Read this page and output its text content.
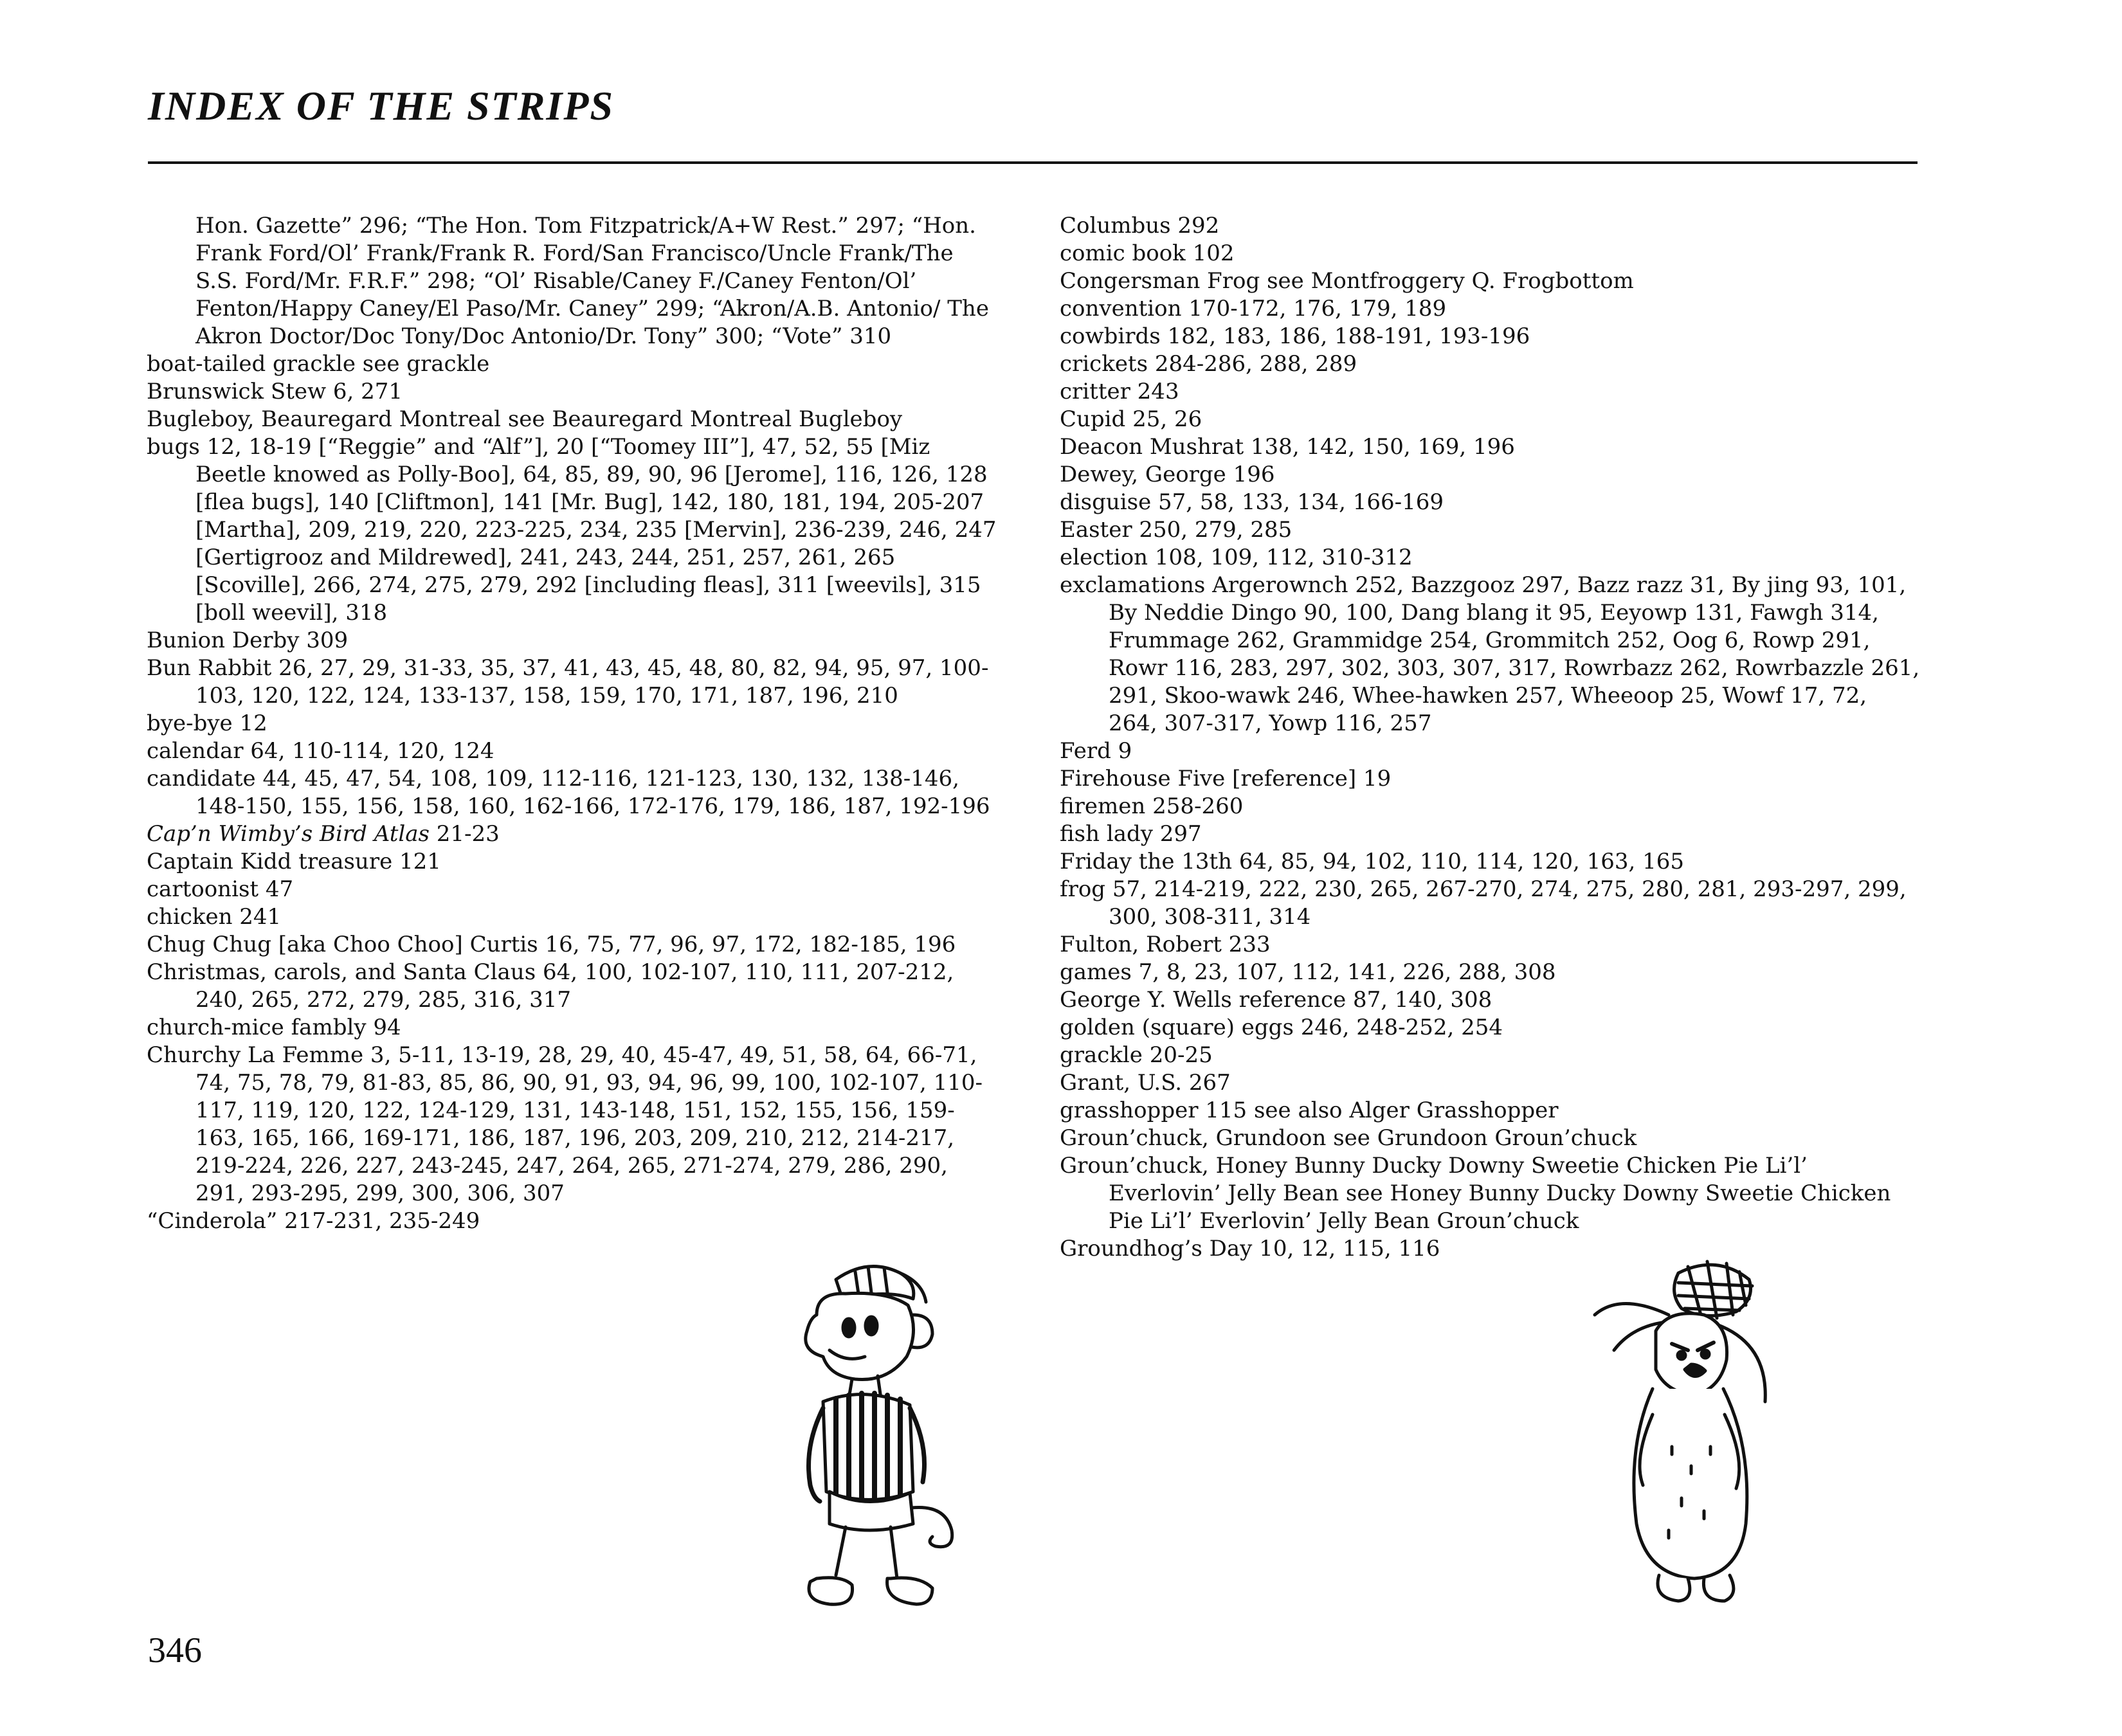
INDEX OF THE STRIPS

Hon. Gazette” 296; “The Hon. Tom Fitzpatrick/A+W Rest.” 297; “Hon. Frank Ford/Ol’ Frank/Frank R. Ford/San Francisco/Uncle Frank/The S.S. Ford/Mr. F.R.F.” 298; “Ol’ Risable/Caney F./Caney Fenton/Ol’ Fenton/Happy Caney/El Paso/Mr. Caney” 299; “Akron/A.B. Antonio/ The Akron Doctor/Doc Tony/Doc Antonio/Dr. Tony” 300; “Vote” 310

boat-tailed grackle see grackle

Brunswick Stew 6, 271

Bugleboy, Beauregard Montreal see Beauregard Montreal Bugleboy

bugs 12, 18-19 [“Reggie” and “Alf”], 20 [“Toomey III”], 47, 52, 55 [Miz Beetle knowed as Polly-Boo], 64, 85, 89, 90, 96 [Jerome], 116, 126, 128 [flea bugs], 140 [Cliftmon], 141 [Mr. Bug], 142, 180, 181, 194, 205-207 [Martha], 209, 219, 220, 223-225, 234, 235 [Mervin], 236-239, 246, 247 [Gertigrooz and Mildrewed], 241, 243, 244, 251, 257, 261, 265 [Scoville], 266, 274, 275, 279, 292 [including fleas], 311 [weevils], 315 [boll weevil], 318

Bunion Derby 309

Bun Rabbit 26, 27, 29, 31-33, 35, 37, 41, 43, 45, 48, 80, 82, 94, 95, 97, 100-103, 120, 122, 124, 133-137, 158, 159, 170, 171, 187, 196, 210

bye-bye 12

calendar 64, 110-114, 120, 124

candidate 44, 45, 47, 54, 108, 109, 112-116, 121-123, 130, 132, 138-146, 148-150, 155, 156, 158, 160, 162-166, 172-176, 179, 186, 187, 192-196

Cap’n Wimby’s Bird Atlas 21-23

Captain Kidd treasure 121

cartoonist 47

chicken 241

Chug Chug [aka Choo Choo] Curtis 16, 75, 77, 96, 97, 172, 182-185, 196

Christmas, carols, and Santa Claus 64, 100, 102-107, 110, 111, 207-212, 240, 265, 272, 279, 285, 316, 317

church-mice fambly 94

Churchy La Femme 3, 5-11, 13-19, 28, 29, 40, 45-47, 49, 51, 58, 64, 66-71, 74, 75, 78, 79, 81-83, 85, 86, 90, 91, 93, 94, 96, 99, 100, 102-107, 110-117, 119, 120, 122, 124-129, 131, 143-148, 151, 152, 155, 156, 159-163, 165, 166, 169-171, 186, 187, 196, 203, 209, 210, 212, 214-217, 219-224, 226, 227, 243-245, 247, 264, 265, 271-274, 279, 286, 290, 291, 293-295, 299, 300, 306, 307

“Cinderola” 217-231, 235-249

Columbus 292

comic book 102

Congersman Frog see Montfroggery Q. Frogbottom

convention 170-172, 176, 179, 189

cowbirds 182, 183, 186, 188-191, 193-196

crickets 284-286, 288, 289

critter 243

Cupid 25, 26

Deacon Mushrat 138, 142, 150, 169, 196

Dewey, George 196

disguise 57, 58, 133, 134, 166-169

Easter 250, 279, 285

election 108, 109, 112, 310-312

exclamations Argerownch 252, Bazzgooz 297, Bazz razz 31, By jing 93, 101, By Neddie Dingo 90, 100, Dang blang it 95, Eeyowp 131, Fawgh 314, Frummage 262, Grammidge 254, Grommitch 252, Oog 6, Rowp 291, Rowr 116, 283, 297, 302, 303, 307, 317, Rowrbazz 262, Rowrbazzle 261, 291, Skoo-wawk 246, Whee-hawken 257, Wheeoop 25, Wowf 17, 72, 264, 307-317, Yowp 116, 257

Ferd 9

Firehouse Five [reference] 19

firemen 258-260

fish lady 297

Friday the 13th 64, 85, 94, 102, 110, 114, 120, 163, 165

frog 57, 214-219, 222, 230, 265, 267-270, 274, 275, 280, 281, 293-297, 299, 300, 308-311, 314

Fulton, Robert 233

games 7, 8, 23, 107, 112, 141, 226, 288, 308

George Y. Wells reference 87, 140, 308

golden (square) eggs 246, 248-252, 254

grackle 20-25

Grant, U.S. 267

grasshopper 115 see also Alger Grasshopper

Groun’chuck, Grundoon see Grundoon Groun’chuck

Groun’chuck, Honey Bunny Ducky Downy Sweetie Chicken Pie Li’l’ Everlovin’ Jelly Bean see Honey Bunny Ducky Downy Sweetie Chicken Pie Li’l’ Everlovin’ Jelly Bean Groun’chuck

Groundhog’s Day 10, 12, 115, 116

346
